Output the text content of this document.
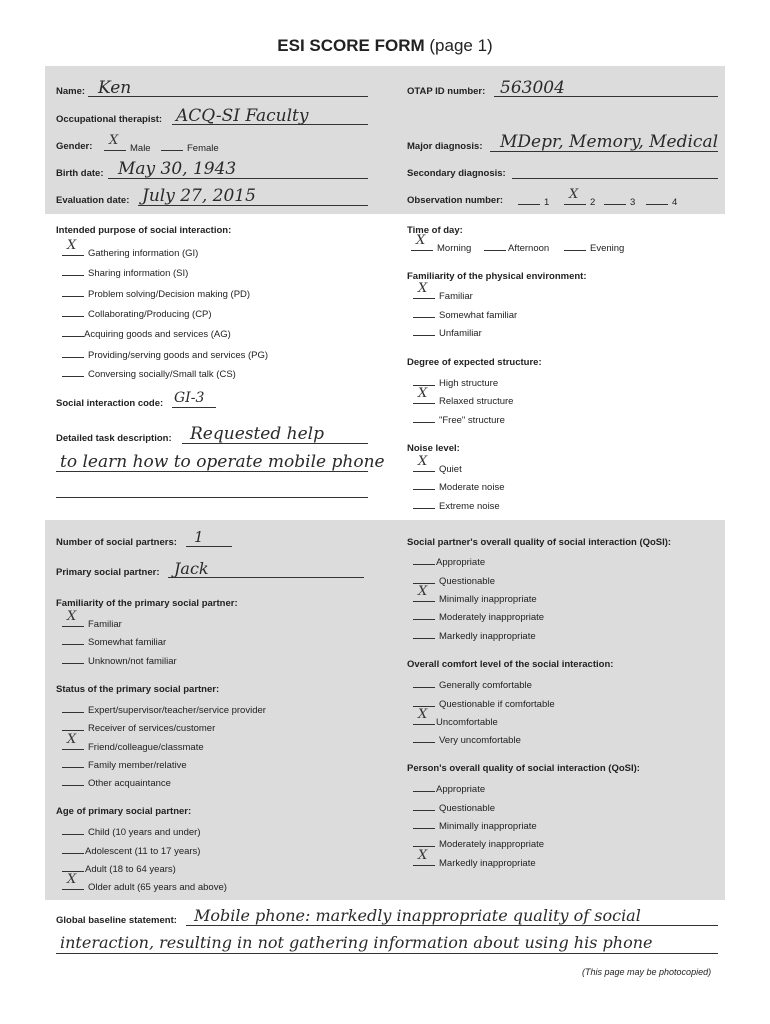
ESI SCORE FORM (page 1)
Name: Ken
Occupational therapist: ACQ-SI Faculty
Gender: X	Male	Female
Birth date: May 30, 1943
Evaluation date: July 27, 2015
OTAP ID number: 563004
Major diagnosis: MDepr, Memory, Medical
Secondary diagnosis:
Observation number:	1 X	2	3	4
Intended purpose of social interaction:
XGathering information (GI)
Sharing information (SI)
Problem solving/Decision making (PD)
Collaborating/Producing (CP)
Acquiring goods and services (AG)
Providing/serving goods and services (PG)
Conversing socially/Small talk (CS)
Social interaction code: GI-3
Detailed task description: Requested help
to learn how to operate mobile phone
Time of day:
XMorning	Afternoon	Evening
Familiarity of the physical environment:
XFamiliar
Somewhat familiar
Unfamiliar
Degree of expected structure:
High structure
XRelaxed structure
"Free" structure
Noise level:
XQuiet
Moderate noise
Extreme noise
Number of social partners: 1
Primary social partner: Jack
Familiarity of the primary social partner:
XFamiliar
Somewhat familiar
Unknown/not familiar
Status of the primary social partner:
Expert/supervisor/teacher/service provider
Receiver of services/customer
XFriend/colleague/classmate
Family member/relative
Other acquaintance
Age of primary social partner:
Child (10 years and under)
Adolescent (11 to 17 years)
Adult (18 to 64 years)
XOlder adult (65 years and above)
Social partner's overall quality of social interaction (QoSI):
Appropriate
Questionable
XMinimally inappropriate
Moderately inappropriate
Markedly inappropriate
Overall comfort level of the social interaction:
Generally comfortable
Questionable if comfortable
XUncomfortable
Very uncomfortable
Person's overall quality of social interaction (QoSI):
Appropriate
Questionable
Minimally inappropriate
Moderately inappropriate
XMarkedly inappropriate
Global baseline statement: Mobile phone: markedly inappropriate quality of social
interaction, resulting in not gathering information about using his phone
(This page may be photocopied)
